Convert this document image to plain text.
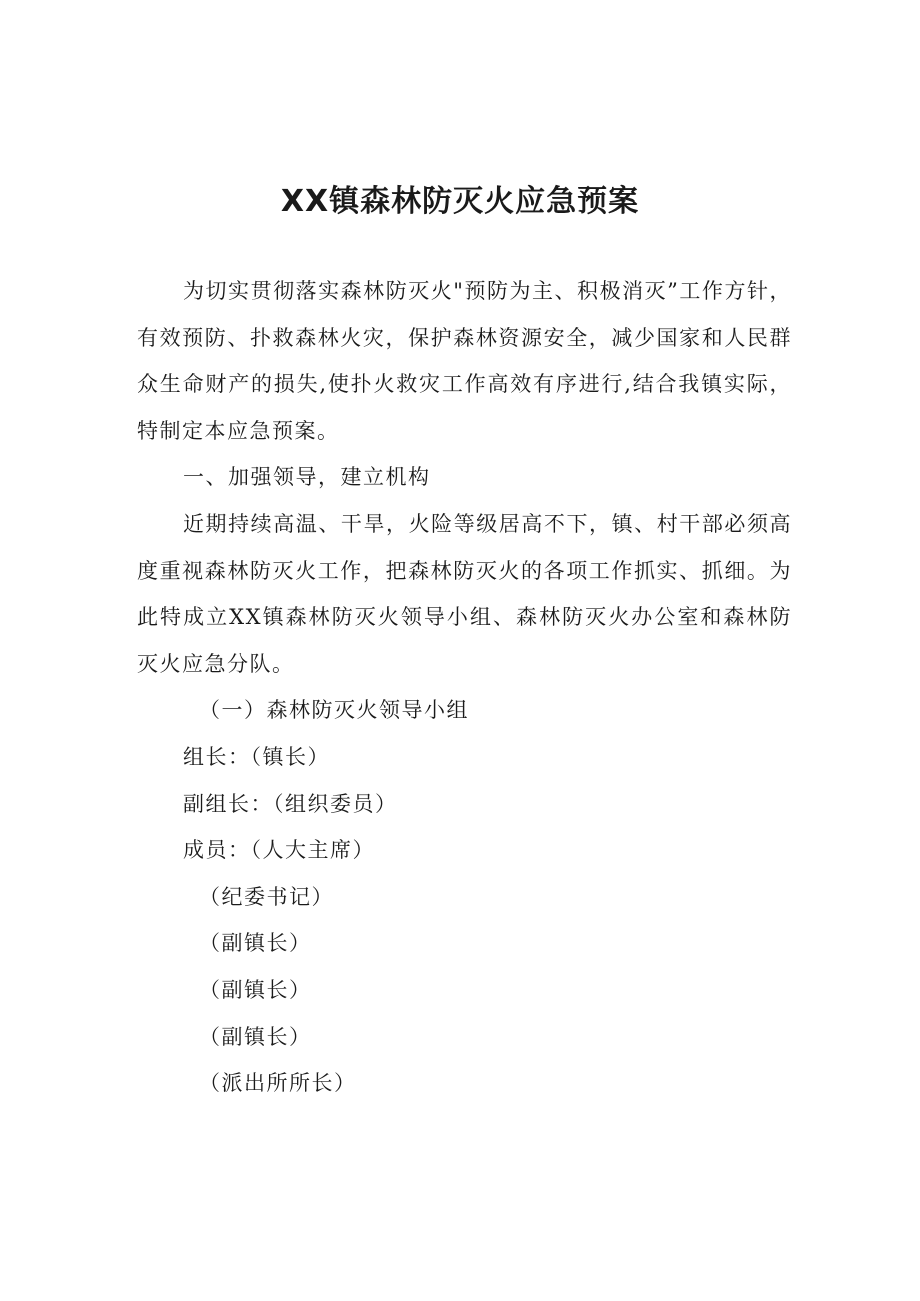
XX镇森林防灭火应急预案

为切实贯彻落实森林防灭火"预防为主、积极消灭”工作方针，有效预防、扑救森林火灾，保护森林资源安全，减少国家和人民群众生命财产的损失,使扑火救灾工作高效有序进行,结合我镇实际，特制定本应急预案。

一、加强领导，建立机构

近期持续高温、干旱，火险等级居高不下，镇、村干部必须高度重视森林防灭火工作，把森林防灭火的各项工作抓实、抓细。为此特成立XX镇森林防灭火领导小组、森林防灭火办公室和森林防灭火应急分队。

（一）森林防灭火领导小组

组长：（镇长）

副组长：（组织委员）

成员：（人大主席）

（纪委书记）

（副镇长）

（副镇长）

（副镇长）

（派出所所长）
